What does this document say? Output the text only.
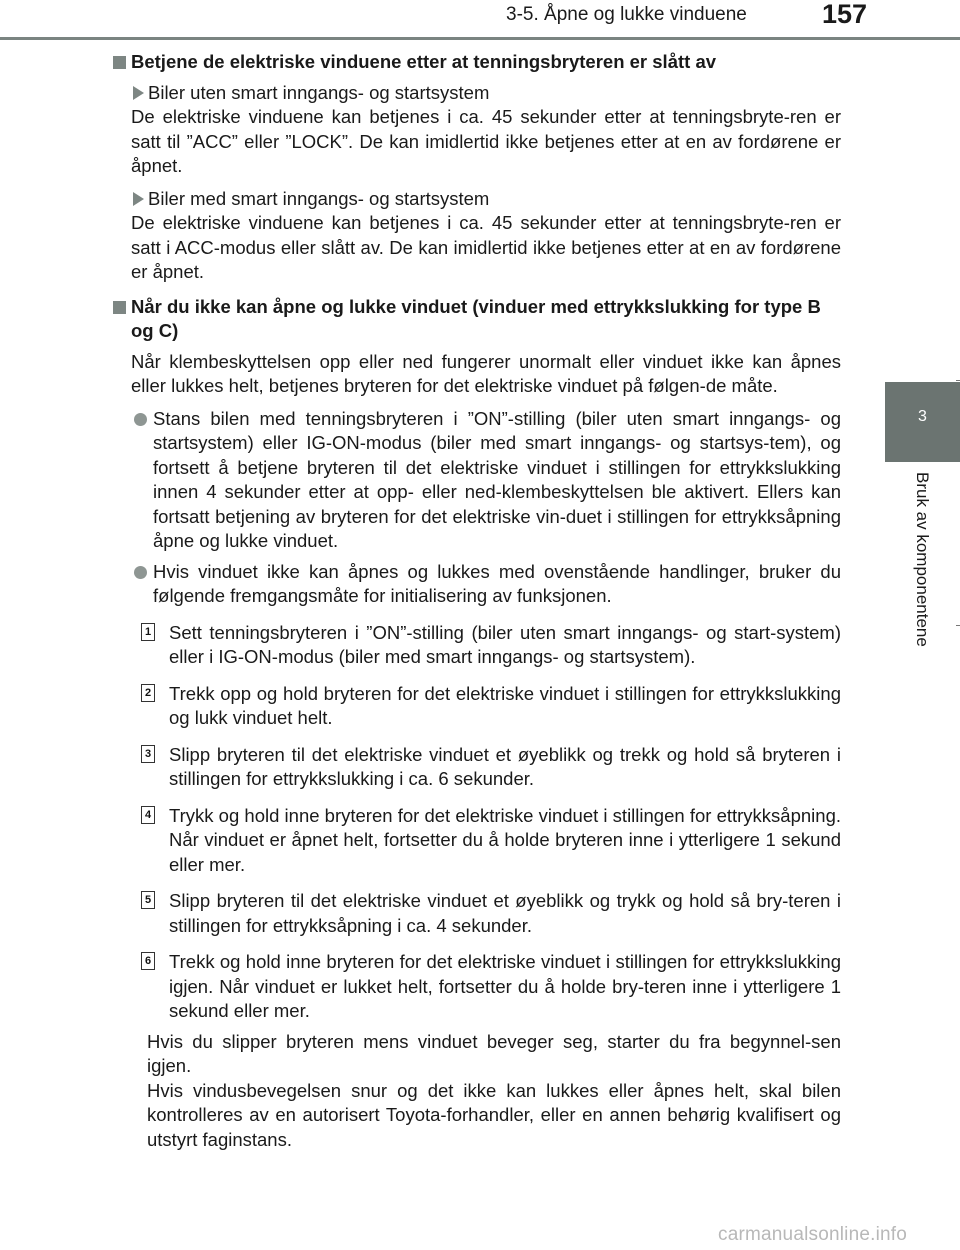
3-5. Åpne og lukke vinduene	157
3
Bruk av komponentene
Betjene de elektriske vinduene etter at tenningsbryteren er slått av
Biler uten smart inngangs- og startsystem
De elektriske vinduene kan betjenes i ca. 45 sekunder etter at tenningsbryte-ren er satt til ”ACC” eller ”LOCK”. De kan imidlertid ikke betjenes etter at en av fordørene er åpnet.
Biler med smart inngangs- og startsystem
De elektriske vinduene kan betjenes i ca. 45 sekunder etter at tenningsbryte-ren er satt i ACC-modus eller slått av. De kan imidlertid ikke betjenes etter at en av fordørene er åpnet.
Når du ikke kan åpne og lukke vinduet (vinduer med ettrykkslukking for type B og C)
Når klembeskyttelsen opp eller ned fungerer unormalt eller vinduet ikke kan åpnes eller lukkes helt, betjenes bryteren for det elektriske vinduet på følgen-de måte.
Stans bilen med tenningsbryteren i ”ON”-stilling (biler uten smart inngangs- og startsystem) eller IG-ON-modus (biler med smart inngangs- og startsys-tem), og fortsett å betjene bryteren til det elektriske vinduet i stillingen for ettrykkslukking innen 4 sekunder etter at opp- eller ned-klembeskyttelsen ble aktivert. Ellers kan fortsatt betjening av bryteren for det elektriske vin-duet i stillingen for ettrykksåpning åpne og lukke vinduet.
Hvis vinduet ikke kan åpnes og lukkes med ovenstående handlinger, bruker du følgende fremgangsmåte for initialisering av funksjonen.
1 Sett tenningsbryteren i ”ON”-stilling (biler uten smart inngangs- og start-system) eller i IG-ON-modus (biler med smart inngangs- og startsystem).
2 Trekk opp og hold bryteren for det elektriske vinduet i stillingen for ettrykkslukking og lukk vinduet helt.
3 Slipp bryteren til det elektriske vinduet et øyeblikk og trekk og hold så bryteren i stillingen for ettrykkslukking i ca. 6 sekunder.
4 Trykk og hold inne bryteren for det elektriske vinduet i stillingen for ettrykksåpning. Når vinduet er åpnet helt, fortsetter du å holde bryteren inne i ytterligere 1 sekund eller mer.
5 Slipp bryteren til det elektriske vinduet et øyeblikk og trykk og hold så bry-teren i stillingen for ettrykksåpning i ca. 4 sekunder.
6 Trekk og hold inne bryteren for det elektriske vinduet i stillingen for ettrykkslukking igjen. Når vinduet er lukket helt, fortsetter du å holde bry-teren inne i ytterligere 1 sekund eller mer.
Hvis du slipper bryteren mens vinduet beveger seg, starter du fra begynnel-sen igjen.
Hvis vindusbevegelsen snur og det ikke kan lukkes eller åpnes helt, skal bilen kontrolleres av en autorisert Toyota-forhandler, eller en annen behørig kvalifisert og utstyrt faginstans.
carmanualsonline.info
